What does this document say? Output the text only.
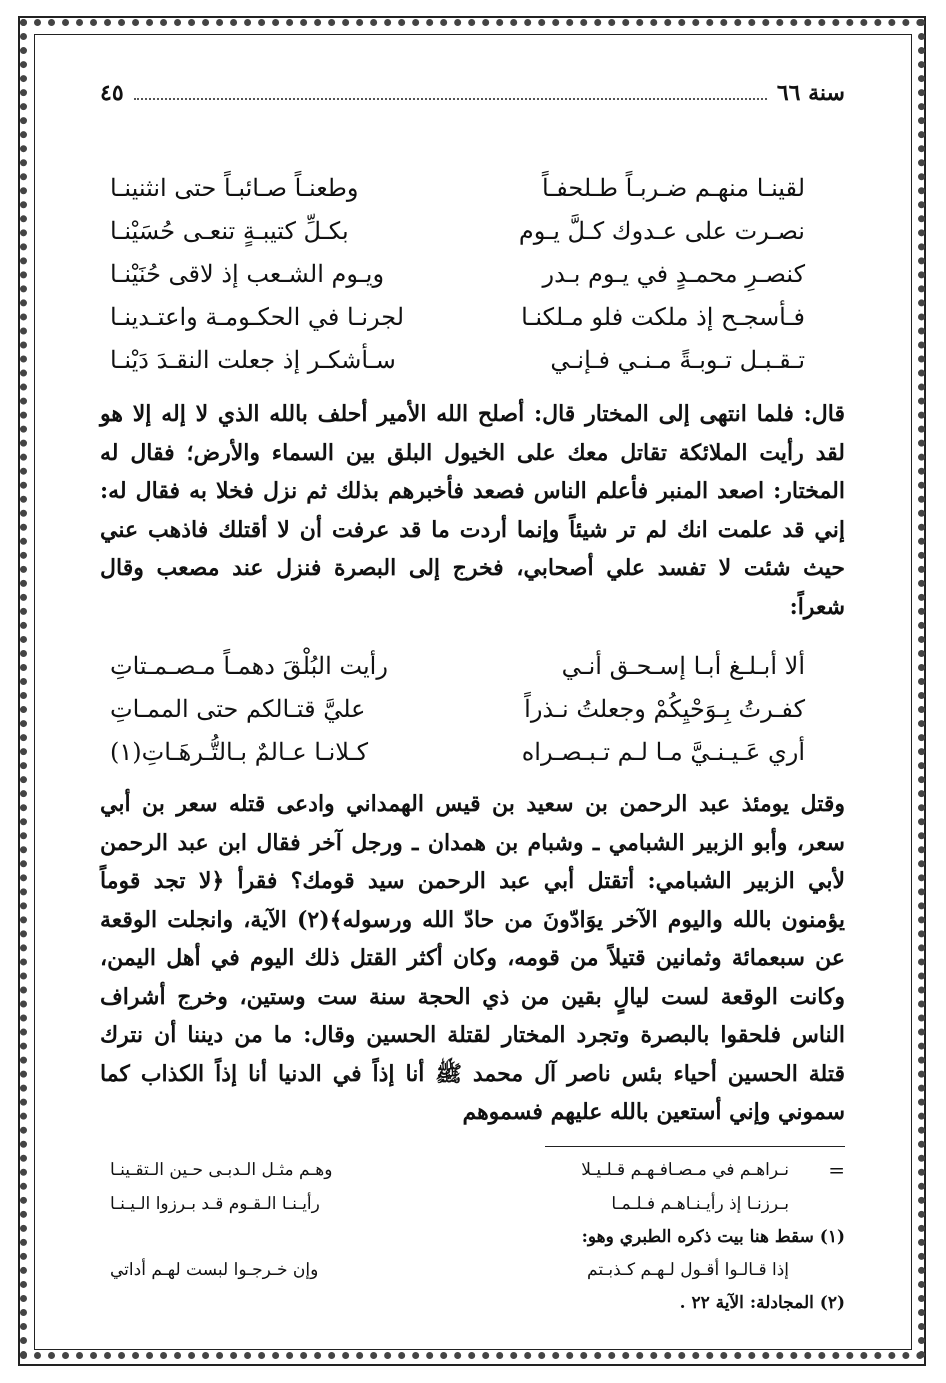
سنة ٦٦
٤٥
لقينـا منهـم ضـربـاً طـلحفـاً
وطعنـاً صـائبـاً حتى انثنينـا
نصـرت على عـدوك كـلَّ يـوم
بكـلِّ كتيبـةٍ تنعـى حُسَيْنـا
كنصـرِ محمـدٍ في يـوم بـدر
ويـوم الشـعب إذ لاقى حُنَيْنـا
فـأسجـح إذ ملكت فلو مـلكنـا
لجرنـا في الحكـومـة واعتـدينـا
تـقـبـل تـوبـةً مـنـي فـإنـي
سـأشكـر إذ جعلت النقـدَ دَيْنـا
قال: فلما انتهى إلى المختار قال: أصلح الله الأمير أحلف بالله الذي لا إله إلا هو لقد رأيت الملائكة تقاتل معك على الخيول البلق بين السماء والأرض؛ فقال له المختار: اصعد المنبر فأعلم الناس فصعد فأخبرهم بذلك ثم نزل فخلا به فقال له: إني قد علمت انك لم تر شيئاً وإنما أردت ما قد عرفت أن لا أقتلك فاذهب عني حيث شئت لا تفسد علي أصحابي، فخرج إلى البصرة فنزل عند مصعب وقال شعراً:
ألا أبـلـغ أبـا إسـحـق أنـي
رأيت البُلْقَ دهمـاً مـصـمـتاتِ
كفـرتُ بِـوَحْيِكُمْ وجعلتُ نـذراً
عليَّ قتـالكم حتى الممـاتِ
أري عَـيـنـيَّ مـا لـم تـبـصـراه
كـلانـا عـالمٌ بـالتُّـرهَـاتِ(١)
وقتل يومئذ عبد الرحمن بن سعيد بن قيس الهمداني وادعى قتله سعر بن أبي سعر، وأبو الزبير الشبامي ـ وشبام بن همدان ـ ورجل آخر فقال ابن عبد الرحمن لأبي الزبير الشبامي: أتقتل أبي عبد الرحمن سيد قومك؟ فقرأ ﴿لا تجد قوماً يؤمنون بالله واليوم الآخر يوَادّونَ من حادّ الله ورسوله﴾(٢) الآية، وانجلت الوقعة عن سبعمائة وثمانين قتيلاً من قومه، وكان أكثر القتل ذلك اليوم في أهل اليمن، وكانت الوقعة لست ليالٍ بقين من ذي الحجة سنة ست وستين، وخرج أشراف الناس فلحقوا بالبصرة وتجرد المختار لقتلة الحسين وقال: ما من ديننا أن نترك قتلة الحسين أحياء بئس ناصر آل محمد ﷺ أنا إذاً في الدنيا أنا إذاً الكذاب كما سموني وإني أستعين بالله عليهم فسموهم
=
نـراهـم في مـصـافـهـم قـلـيـلا
وهـم مثـل الـدبـى حـين الـتقـينـا
بـرزنـا إذ رأيـنـاهـم فـلـمـا
رأيـنـا الـقـوم قـد بـرزوا الـيـنـا
(١) سقط هنا بيت ذكره الطبري وهو:
إذا قـالـوا أقـول لـهـم كـذبـتم
وإن خـرجـوا لبست لهـم أداتي
(٢) المجادلة: الآية ٢٢ .
